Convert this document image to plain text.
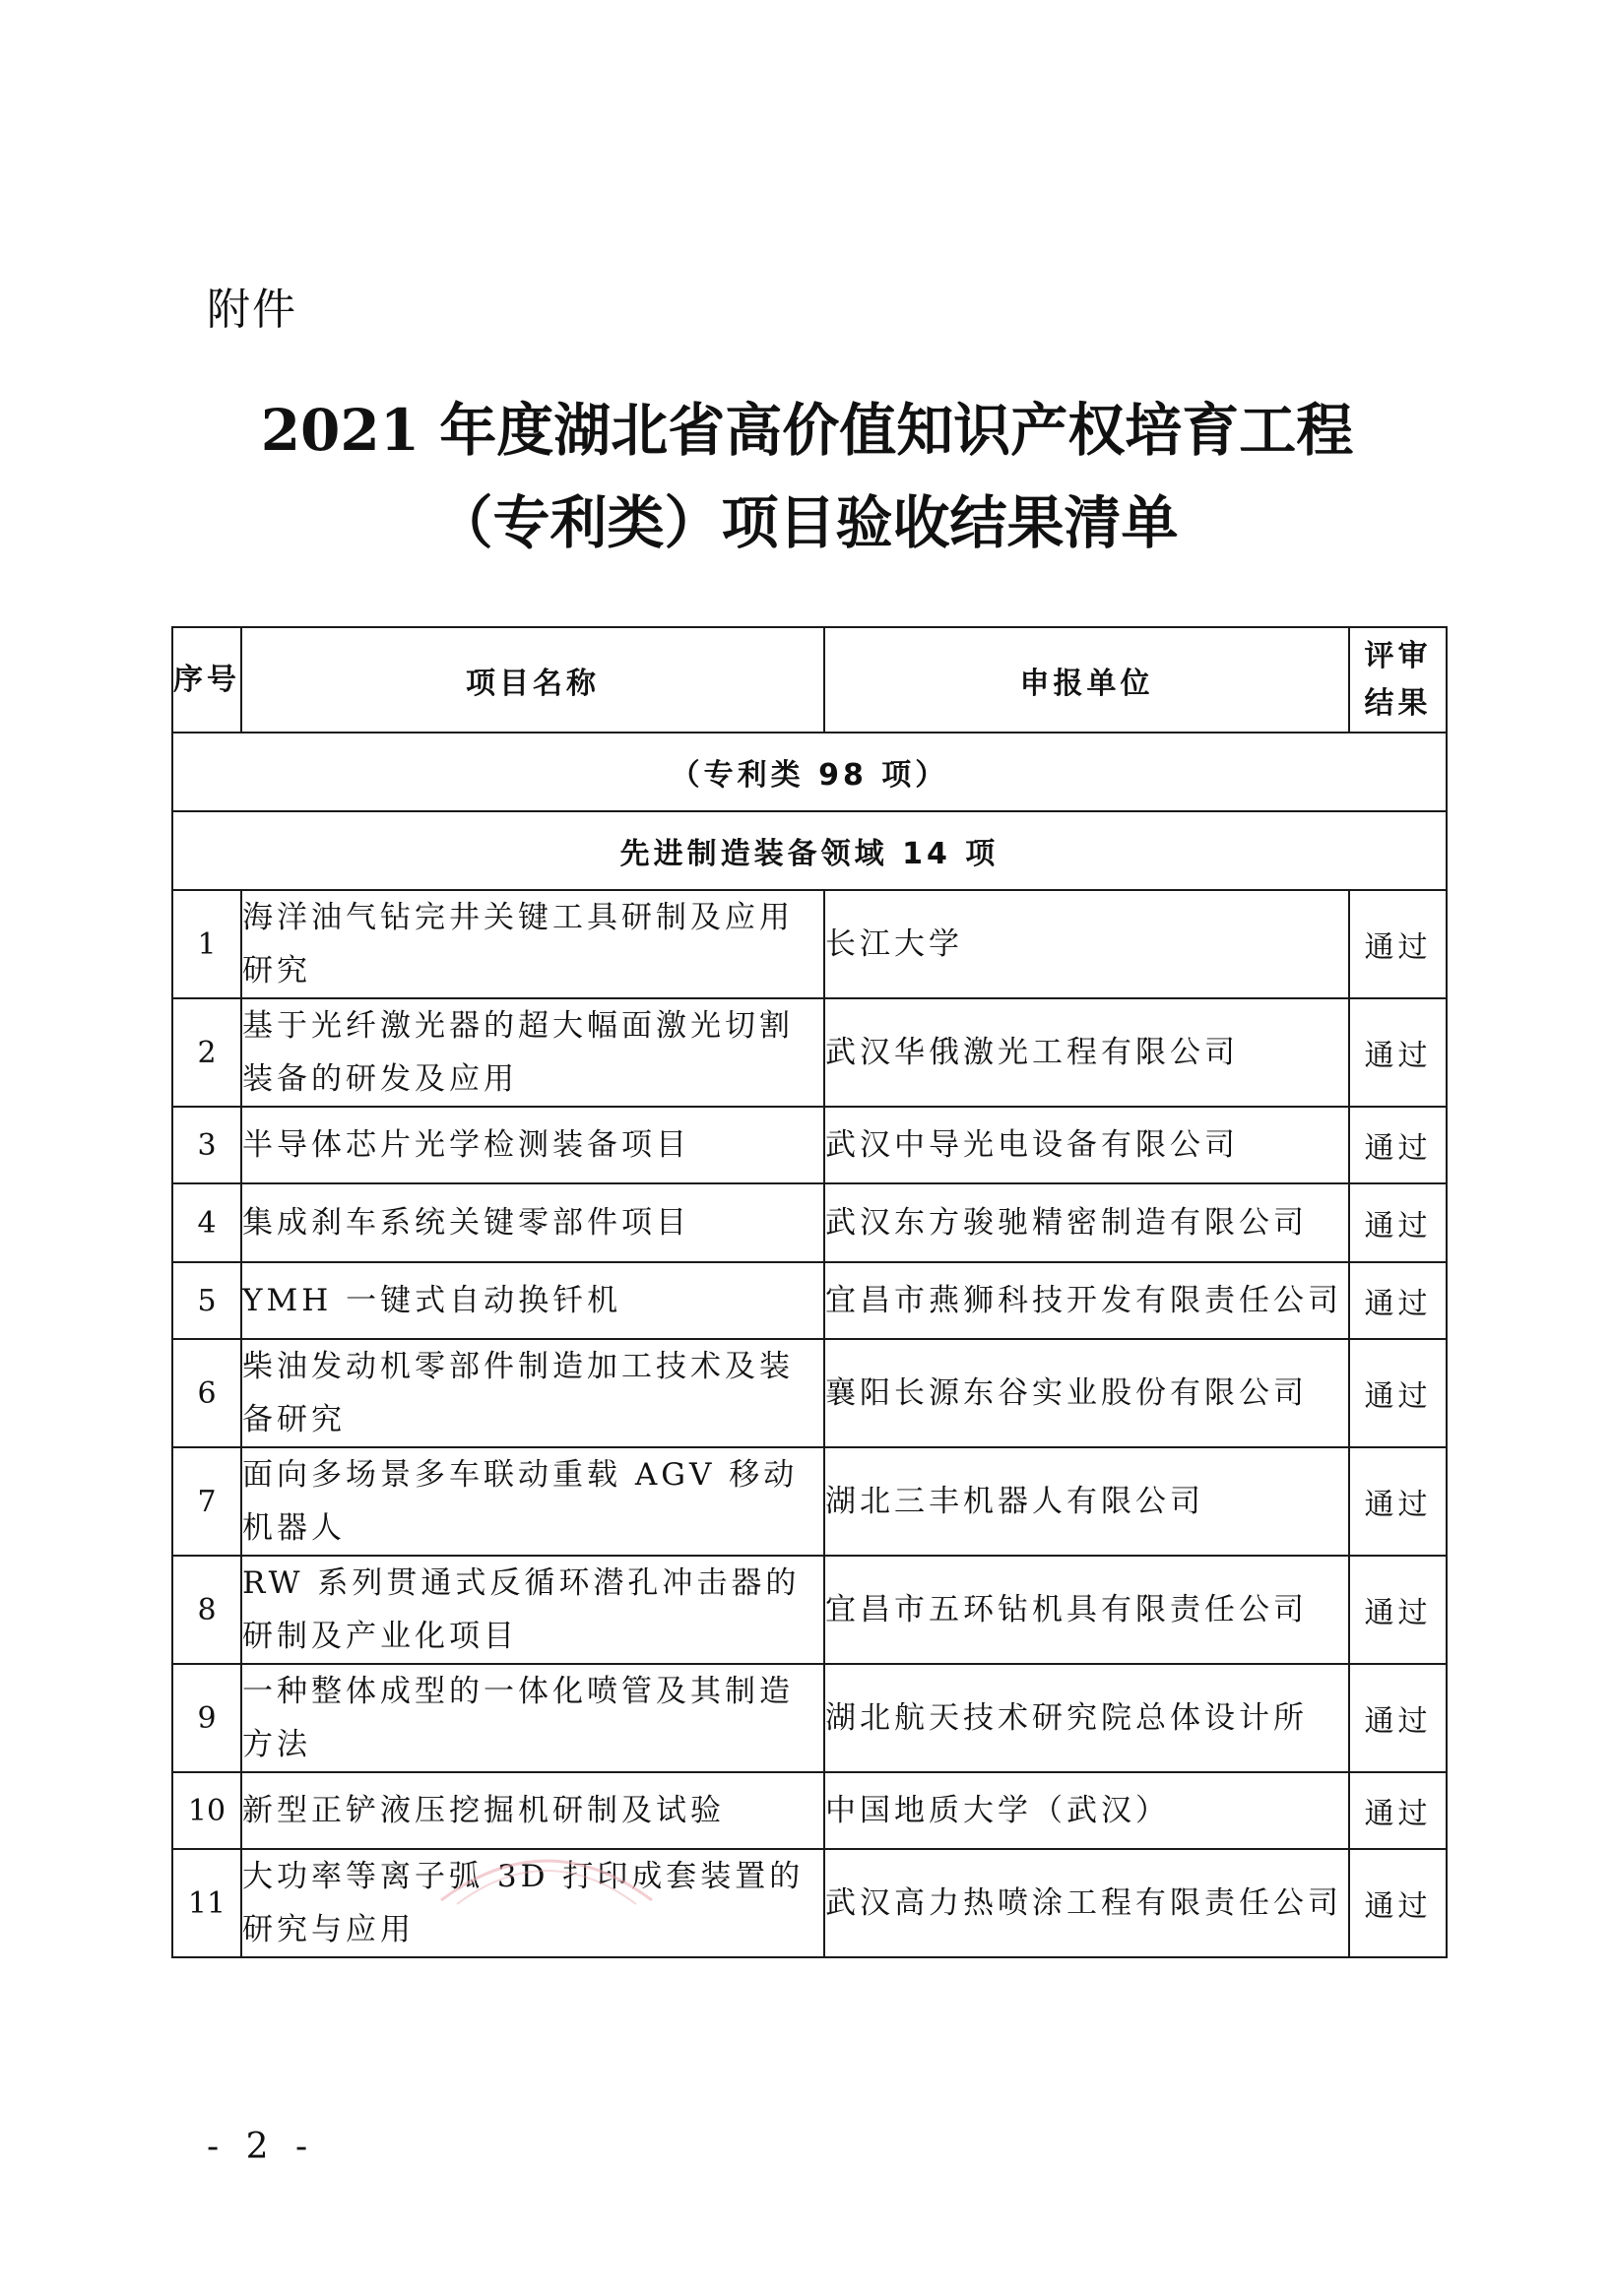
附件
2021 年度湖北省高价值知识产权培育工程
（专利类）项目验收结果清单
序号	项目名称	申报单位	评审结果

（专利类 98 项）			
先进制造装备领域 14 项			
1	海洋油气钻完井关键工具研制及应用研究	长江大学	通过
2	基于光纤激光器的超大幅面激光切割装备的研发及应用	武汉华俄激光工程有限公司	通过
3	半导体芯片光学检测装备项目	武汉中导光电设备有限公司	通过
4	集成刹车系统关键零部件项目	武汉东方骏驰精密制造有限公司	通过
5	YMH 一键式自动换钎机	宜昌市燕狮科技开发有限责任公司	通过
6	柴油发动机零部件制造加工技术及装备研究	襄阳长源东谷实业股份有限公司	通过
7	面向多场景多车联动重载 AGV 移动机器人	湖北三丰机器人有限公司	通过
8	RW 系列贯通式反循环潜孔冲击器的研制及产业化项目	宜昌市五环钻机具有限责任公司	通过
9	一种整体成型的一体化喷管及其制造方法	湖北航天技术研究院总体设计所	通过
10	新型正铲液压挖掘机研制及试验	中国地质大学（武汉）	通过
11	大功率等离子弧 3D 打印成套装置的研究与应用	武汉高力热喷涂工程有限责任公司	通过
- 2 -
